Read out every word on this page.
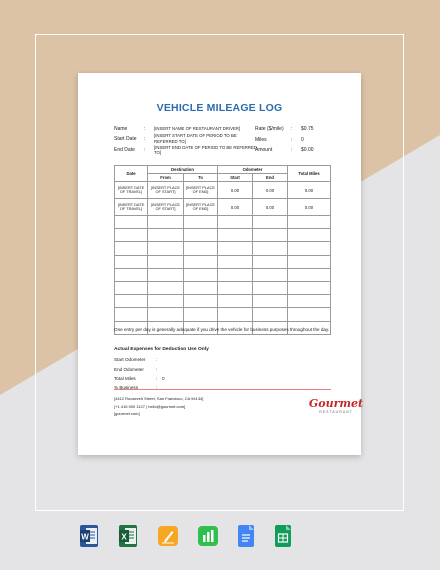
VEHICLE MILEAGE LOG
Name	: [INSERT NAME OF RESTAURANT DRIVER]
Start Date :
[INSERT START DATE OF PERIOD TO BE
REFERRED TO]
End Date : [INSERT END DATE OF PERIOD TO BE REFERRED
TO]
Rate ($/mile) : $0.75
Miles	: 0
Amount	: $0.00
Date	Destination		Odometer		Total Miles
	From	To	Start	End	
[INSERT DATE OF TRAVEL]	[INSERT PLACE OF START]	[INSERT PLACE OF END]	0.00	0.00	0.00
[INSERT DATE OF TRAVEL]	[INSERT PLACE OF START]	[INSERT PLACE OF END]	0.00	0.00	0.00

One entry per day is generally adequate if you drive the vehicle for business purposes throughout the day.
Actual Expenses for Deduction Use Only
Start Odometer :
End Odometer	:
Total Miles	: 0
% Business	:
[4412 Roosevelt Street, San Francisco, CA 94134]
[+1 415 000 1127 | hello@gourmet.com]
[gourmet.com]
Gourmet
RESTAURANT
W	X
